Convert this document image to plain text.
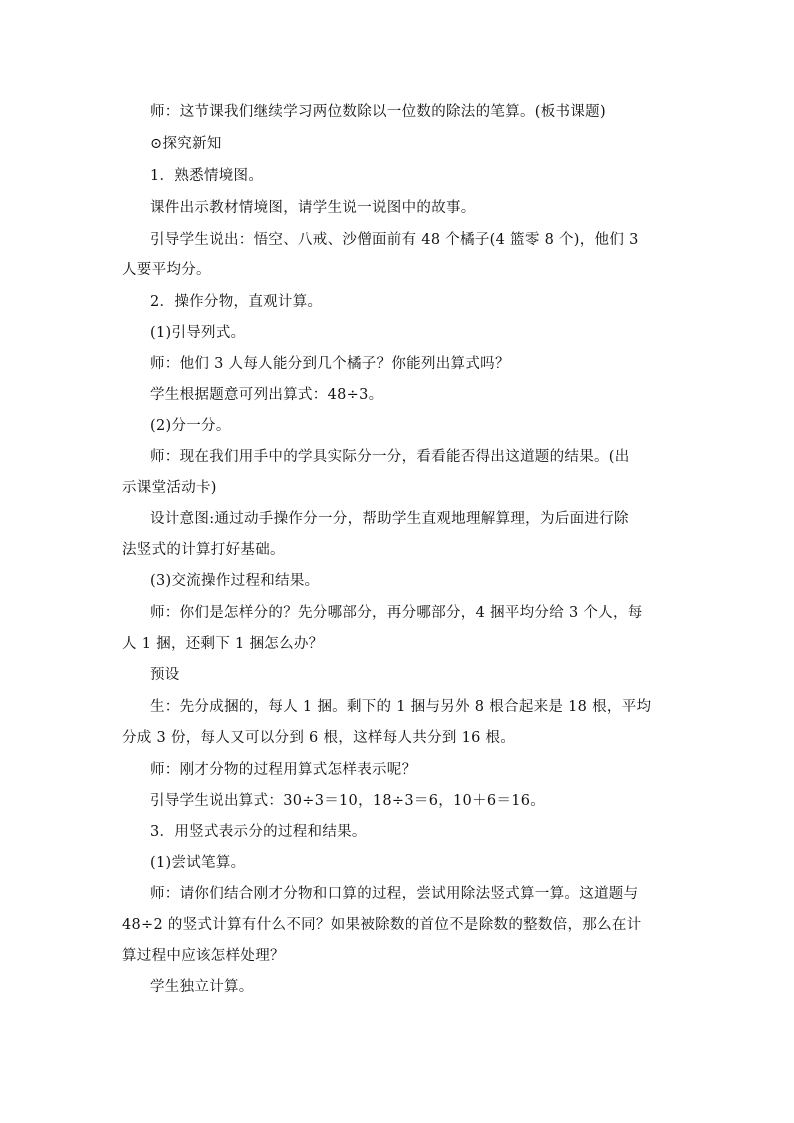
师：这节课我们继续学习两位数除以一位数的除法的笔算。(板书课题)
⊙探究新知
1．熟悉情境图。
课件出示教材情境图，请学生说一说图中的故事。
引导学生说出：悟空、八戒、沙僧面前有 48 个橘子(4 篮零 8 个)，他们 3
人要平均分。
2．操作分物，直观计算。
(1)引导列式。
师：他们 3 人每人能分到几个橘子？你能列出算式吗？
学生根据题意可列出算式：48÷3。
(2)分一分。
师：现在我们用手中的学具实际分一分，看看能否得出这道题的结果。(出
示课堂活动卡)
设计意图:通过动手操作分一分，帮助学生直观地理解算理，为后面进行除
法竖式的计算打好基础。
(3)交流操作过程和结果。
师：你们是怎样分的？先分哪部分，再分哪部分，4 捆平均分给 3 个人，每
人 1 捆，还剩下 1 捆怎么办？
预设
生：先分成捆的，每人 1 捆。剩下的 1 捆与另外 8 根合起来是 18 根，平均
分成 3 份，每人又可以分到 6 根，这样每人共分到 16 根。
师：刚才分物的过程用算式怎样表示呢？
引导学生说出算式：30÷3＝10，18÷3＝6，10＋6＝16。
3．用竖式表示分的过程和结果。
(1)尝试笔算。
师：请你们结合刚才分物和口算的过程，尝试用除法竖式算一算。这道题与
48÷2 的竖式计算有什么不同？如果被除数的首位不是除数的整数倍，那么在计
算过程中应该怎样处理？
学生独立计算。
